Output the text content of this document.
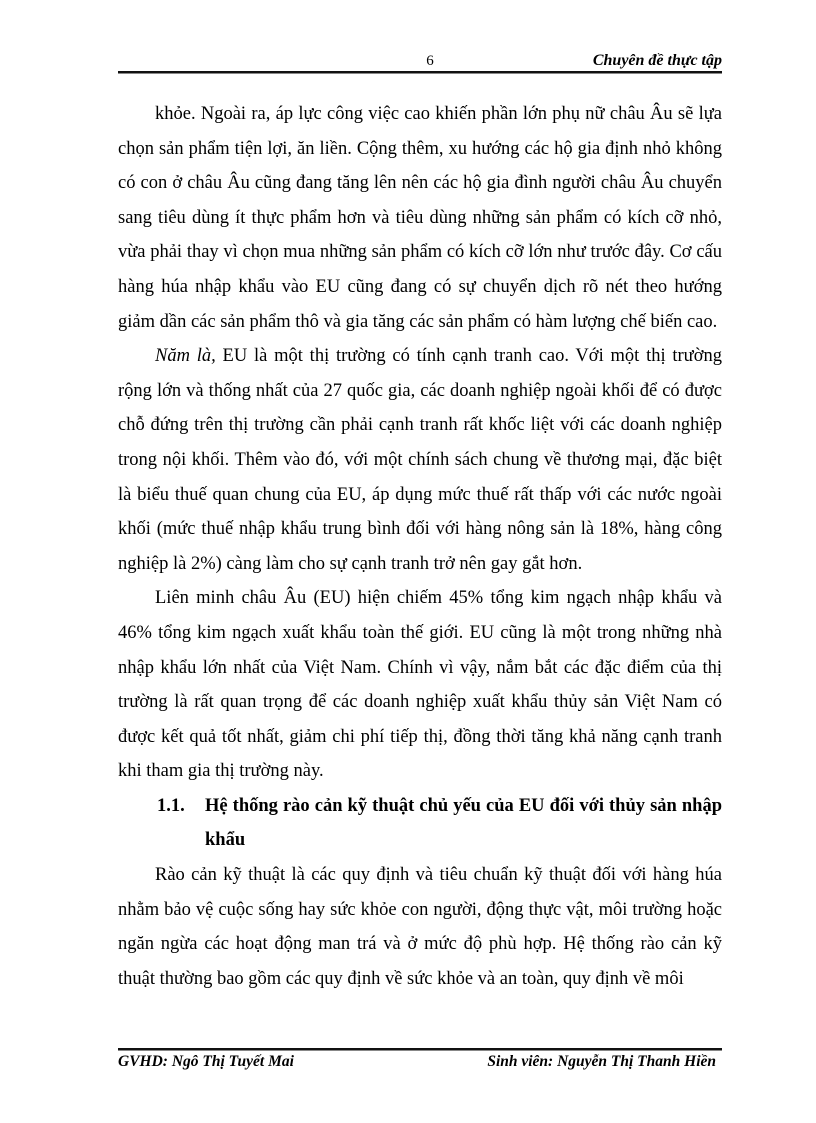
6	Chuyên đề thực tập

khỏe. Ngoài ra, áp lực công việc cao khiến phần lớn phụ nữ châu Âu sẽ lựa chọn sản phẩm tiện lợi, ăn liền. Cộng thêm, xu hướng các hộ gia định nhỏ không có con ở châu Âu cũng đang tăng lên nên các hộ gia đình người châu Âu chuyển sang tiêu dùng ít thực phẩm hơn và tiêu dùng những sản phẩm có kích cỡ nhỏ, vừa phải thay vì chọn mua những sản phẩm có kích cỡ lớn như trước đây. Cơ cấu hàng húa nhập khẩu vào EU cũng đang có sự chuyển dịch rõ nét theo hướng giảm dần các sản phẩm thô và gia tăng các sản phẩm có hàm lượng chế biến cao.

Năm là, EU là một thị trường có tính cạnh tranh cao. Với một thị trường rộng lớn và thống nhất của 27 quốc gia, các doanh nghiệp ngoài khối để có được chỗ đứng trên thị trường cần phải cạnh tranh rất khốc liệt với các doanh nghiệp trong nội khối. Thêm vào đó, với một chính sách chung về thương mại, đặc biệt là biểu thuế quan chung của EU, áp dụng mức thuế rất thấp với các nước ngoài khối (mức thuế nhập khẩu trung bình đối với hàng nông sản là 18%, hàng công nghiệp là 2%) càng làm cho sự cạnh tranh trở nên gay gắt hơn.

Liên minh châu Âu (EU) hiện chiếm 45% tổng kim ngạch nhập khẩu và 46% tổng kim ngạch xuất khẩu toàn thế giới. EU cũng là một trong những nhà nhập khẩu lớn nhất của Việt Nam. Chính vì vậy, nắm bắt các đặc điểm của thị trường là rất quan trọng để các doanh nghiệp xuất khẩu thủy sản Việt Nam có được kết quả tốt nhất, giảm chi phí tiếp thị, đồng thời tăng khả năng cạnh tranh khi tham gia thị trường này.

1.1.	Hệ thống rào cản kỹ thuật chủ yếu của EU đối với thủy sản nhập khẩu

Rào cản kỹ thuật là các quy định và tiêu chuẩn kỹ thuật đối với hàng húa nhằm bảo vệ cuộc sống hay sức khỏe con người, động thực vật, môi trường hoặc ngăn ngừa các hoạt động man trá và ở mức độ phù hợp. Hệ thống rào cản kỹ thuật thường bao gồm các quy định về sức khỏe và an toàn, quy định về môi

GVHD: Ngô Thị Tuyết Mai	Sinh viên: Nguyễn Thị Thanh Hiền
